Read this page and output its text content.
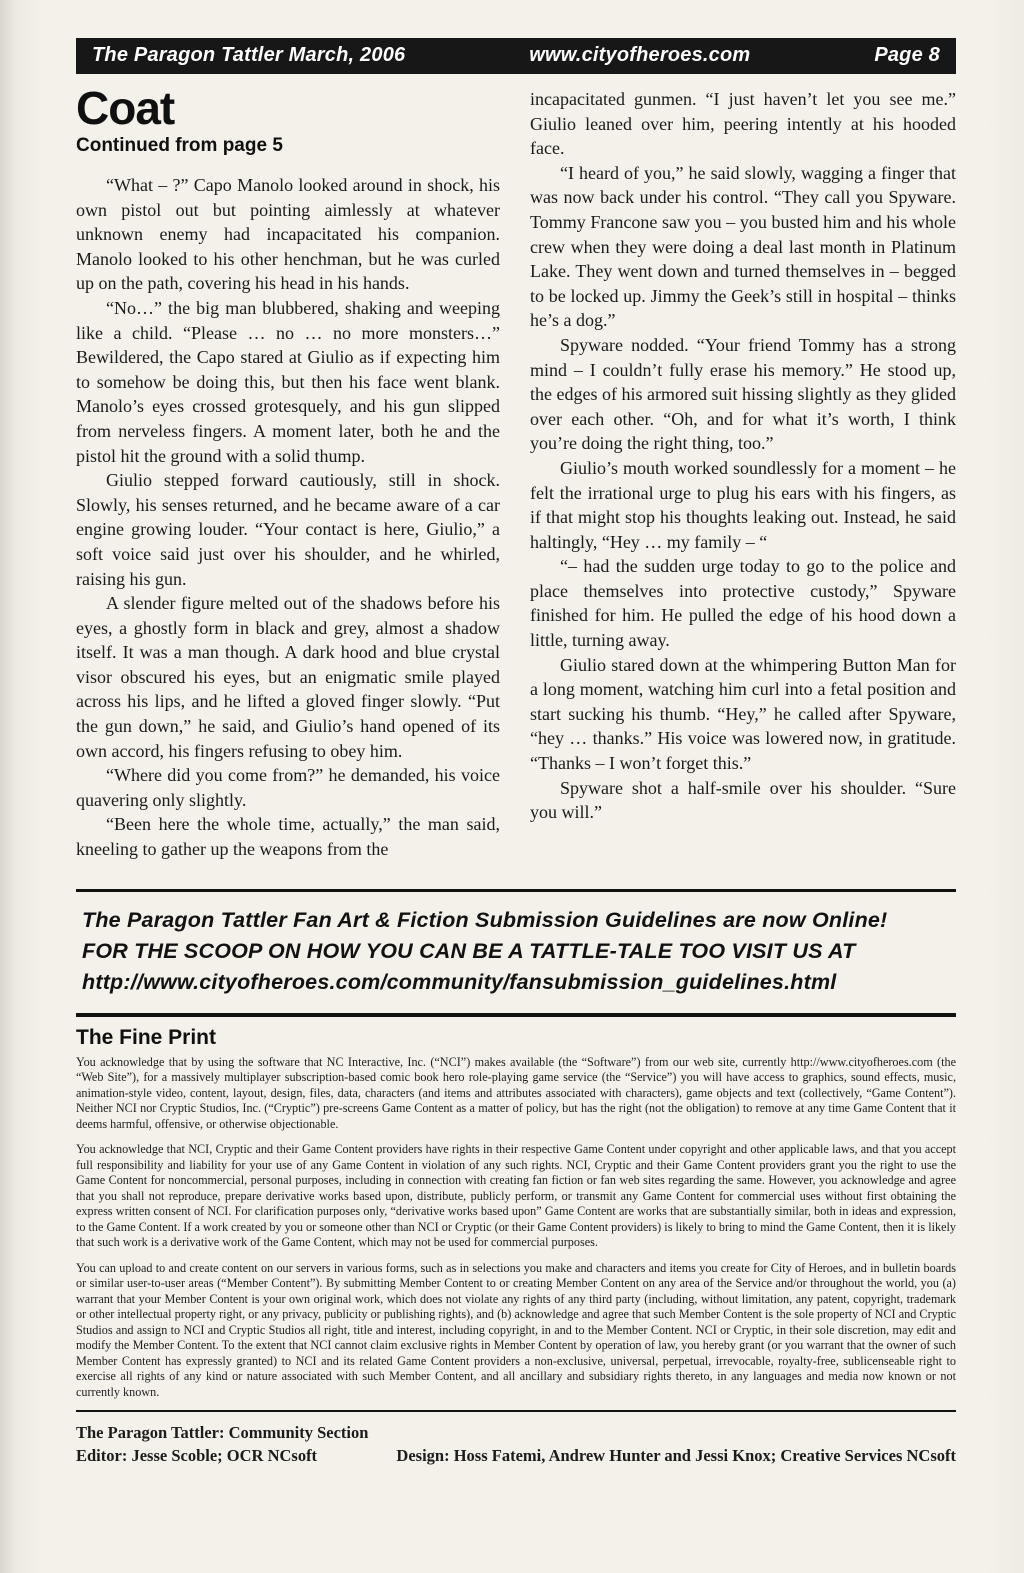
The Paragon Tattler March, 2006	www.cityofheroes.com	Page 8
Coat
Continued from page 5

“What – ?” Capo Manolo looked around in shock, his own pistol out but pointing aimlessly at whatever unknown enemy had incapacitated his companion. Manolo looked to his other henchman, but he was curled up on the path, covering his head in his hands.

“No…” the big man blubbered, shaking and weeping like a child. “Please … no … no more monsters…” Bewildered, the Capo stared at Giulio as if expecting him to somehow be doing this, but then his face went blank. Manolo’s eyes crossed grotesquely, and his gun slipped from nerveless fingers. A moment later, both he and the pistol hit the ground with a solid thump.

Giulio stepped forward cautiously, still in shock. Slowly, his senses returned, and he became aware of a car engine growing louder. “Your contact is here, Giulio,” a soft voice said just over his shoulder, and he whirled, raising his gun.

A slender figure melted out of the shadows before his eyes, a ghostly form in black and grey, almost a shadow itself. It was a man though. A dark hood and blue crystal visor obscured his eyes, but an enigmatic smile played across his lips, and he lifted a gloved finger slowly. “Put the gun down,” he said, and Giulio’s hand opened of its own accord, his fingers refusing to obey him.

“Where did you come from?” he demanded, his voice quavering only slightly.

“Been here the whole time, actually,” the man said, kneeling to gather up the weapons from the

incapacitated gunmen. “I just haven’t let you see me.” Giulio leaned over him, peering intently at his hooded face.

“I heard of you,” he said slowly, wagging a finger that was now back under his control. “They call you Spyware. Tommy Francone saw you – you busted him and his whole crew when they were doing a deal last month in Platinum Lake. They went down and turned themselves in – begged to be locked up. Jimmy the Geek’s still in hospital – thinks he’s a dog.”

Spyware nodded. “Your friend Tommy has a strong mind – I couldn’t fully erase his memory.” He stood up, the edges of his armored suit hissing slightly as they glided over each other. “Oh, and for what it’s worth, I think you’re doing the right thing, too.”

Giulio’s mouth worked soundlessly for a moment – he felt the irrational urge to plug his ears with his fingers, as if that might stop his thoughts leaking out. Instead, he said haltingly, “Hey … my family – “

“– had the sudden urge today to go to the police and place themselves into protective custody,” Spyware finished for him. He pulled the edge of his hood down a little, turning away.

Giulio stared down at the whimpering Button Man for a long moment, watching him curl into a fetal position and start sucking his thumb. “Hey,” he called after Spyware, “hey … thanks.” His voice was lowered now, in gratitude. “Thanks – I won’t forget this.”

Spyware shot a half-smile over his shoulder. “Sure you will.”

The Paragon Tattler Fan Art & Fiction Submission Guidelines are now Online!

FOR THE SCOOP ON HOW YOU CAN BE A TATTLE-TALE TOO VISIT US AT

http://www.cityofheroes.com/community/fansubmission_guidelines.html

The Fine Print

You acknowledge that by using the software that NC Interactive, Inc. (“NCI”) makes available (the “Software”) from our web site, currently http://www.cityofheroes.com (the “Web Site”), for a massively multiplayer subscription-based comic book hero role-playing game service (the “Service”) you will have access to graphics, sound effects, music, animation-style video, content, layout, design, files, data, characters (and items and attributes associated with characters), game objects and text (collectively, “Game Content”). Neither NCI nor Cryptic Studios, Inc. (“Cryptic”) pre-screens Game Content as a matter of policy, but has the right (not the obligation) to remove at any time Game Content that it deems harmful, offensive, or otherwise objectionable.

You acknowledge that NCI, Cryptic and their Game Content providers have rights in their respective Game Content under copyright and other applicable laws, and that you accept full responsibility and liability for your use of any Game Content in violation of any such rights. NCI, Cryptic and their Game Content providers grant you the right to use the Game Content for noncommercial, personal purposes, including in connection with creating fan fiction or fan web sites regarding the same. However, you acknowledge and agree that you shall not reproduce, prepare derivative works based upon, distribute, publicly perform, or transmit any Game Content for commercial uses without first obtaining the express written consent of NCI. For clarification purposes only, “derivative works based upon” Game Content are works that are substantially similar, both in ideas and expression, to the Game Content. If a work created by you or someone other than NCI or Cryptic (or their Game Content providers) is likely to bring to mind the Game Content, then it is likely that such work is a derivative work of the Game Content, which may not be used for commercial purposes.

You can upload to and create content on our servers in various forms, such as in selections you make and characters and items you create for City of Heroes, and in bulletin boards or similar user-to-user areas (“Member Content”). By submitting Member Content to or creating Member Content on any area of the Service and/or throughout the world, you (a) warrant that your Member Content is your own original work, which does not violate any rights of any third party (including, without limitation, any patent, copyright, trademark or other intellectual property right, or any privacy, publicity or publishing rights), and (b) acknowledge and agree that such Member Content is the sole property of NCI and Cryptic Studios and assign to NCI and Cryptic Studios all right, title and interest, including copyright, in and to the Member Content. NCI or Cryptic, in their sole discretion, may edit and modify the Member Content. To the extent that NCI cannot claim exclusive rights in Member Content by operation of law, you hereby grant (or you warrant that the owner of such Member Content has expressly granted) to NCI and its related Game Content providers a non-exclusive, universal, perpetual, irrevocable, royalty-free, sublicenseable right to exercise all rights of any kind or nature associated with such Member Content, and all ancillary and subsidiary rights thereto, in any languages and media now known or not currently known.

The Paragon Tattler: Community Section
Editor: Jesse Scoble; OCR NCsoft	Design: Hoss Fatemi, Andrew Hunter and Jessi Knox; Creative Services NCsoft
